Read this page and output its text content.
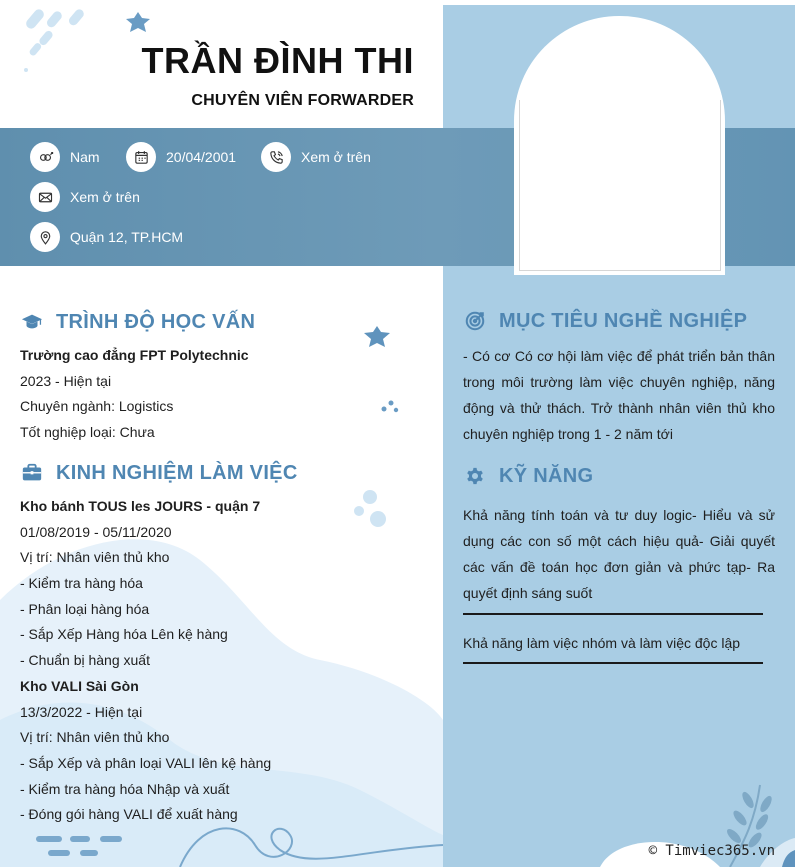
TRẦN ĐÌNH THI
CHUYÊN VIÊN FORWARDER
Nam	20/04/2001	Xem ở trên
Xem ở trên
Quận 12, TP.HCM
TRÌNH ĐỘ HỌC VẤN
Trường cao đẳng FPT Polytechnic
2023 - Hiện tại
Chuyên ngành: Logistics
Tốt nghiệp loại: Chưa
KINH NGHIỆM LÀM VIỆC
Kho bánh TOUS les JOURS - quận 7
01/08/2019 - 05/11/2020
Vị trí: Nhân viên thủ kho
- Kiểm tra hàng hóa
- Phân loại hàng hóa
- Sắp Xếp Hàng hóa Lên kệ hàng
- Chuẩn bị hàng xuất
Kho VALI Sài Gòn
13/3/2022 - Hiện tại
Vị trí: Nhân viên thủ kho
- Sắp Xếp và phân loại VALI lên kệ hàng
- Kiểm tra hàng hóa Nhập và xuất
- Đóng gói hàng VALI để xuất hàng
MỤC TIÊU NGHỀ NGHIỆP
- Có cơ Có cơ hội làm việc để phát triển bản thân trong môi trường làm việc chuyên nghiệp, năng động và thử thách. Trở thành nhân viên thủ kho chuyên nghiệp trong 1 - 2 năm tới
KỸ NĂNG
Khả năng tính toán và tư duy logic- Hiểu và sử dụng các con số một cách hiệu quả- Giải quyết các vấn đề toán học đơn giản và phức tạp- Ra quyết định sáng suốt
Khả năng làm việc nhóm và làm việc độc lập
© Timviec365.vn
